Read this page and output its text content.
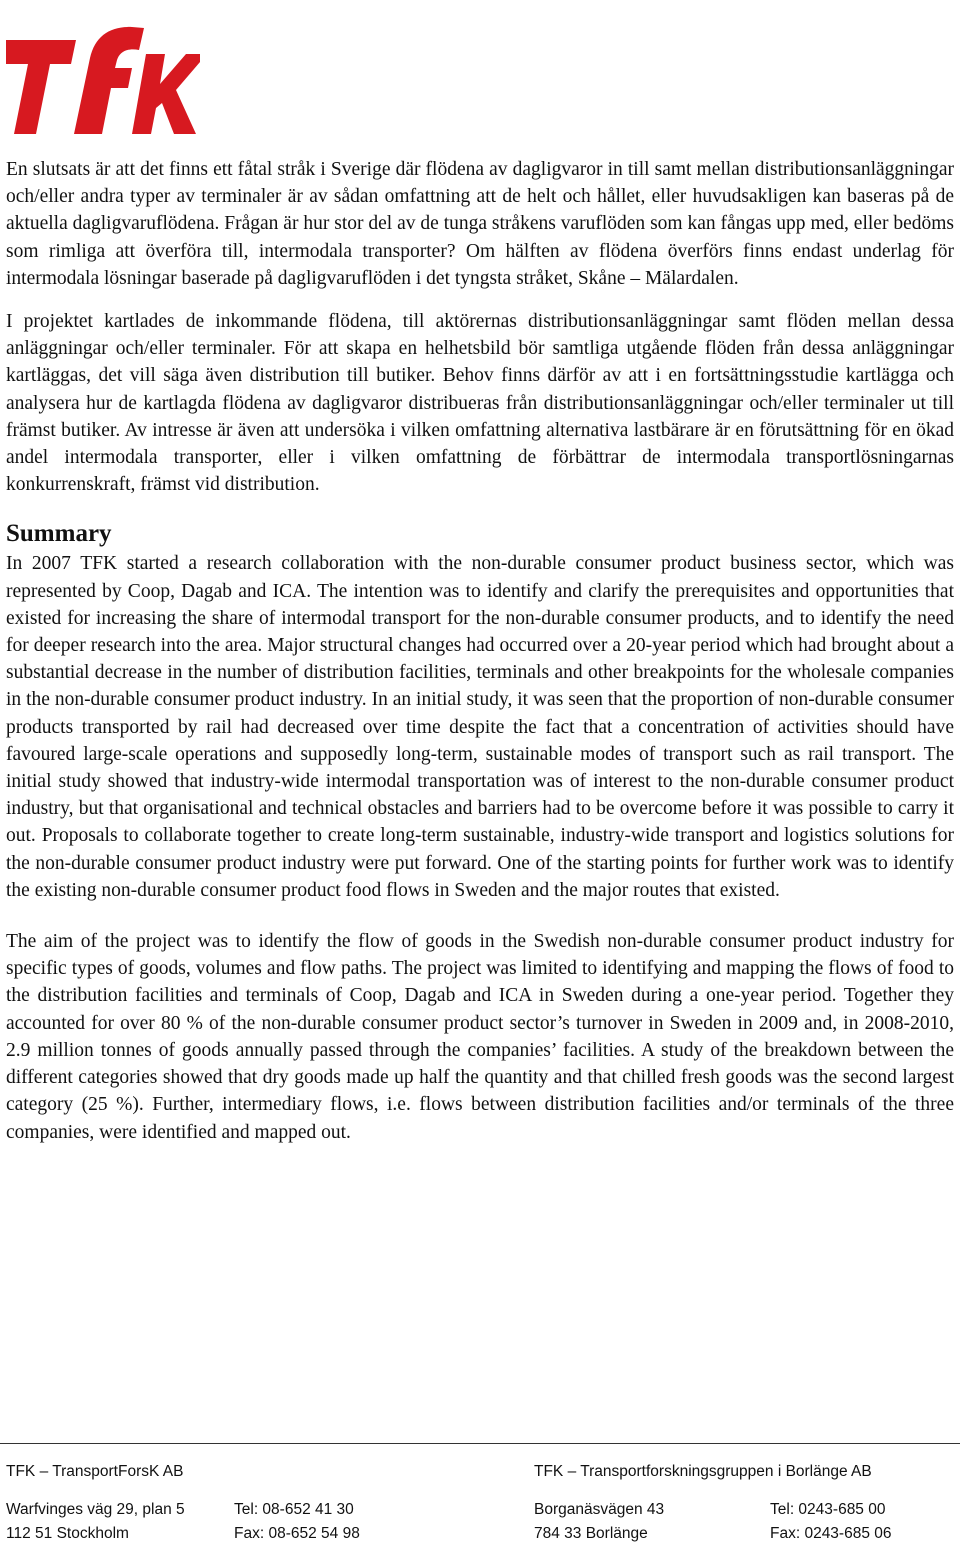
En slutsats är att det finns ett fåtal stråk i Sverige där flödena av dagligvaror in till samt mellan distributionsanläggningar och/eller andra typer av terminaler är av sådan omfattning att de helt och hållet, eller huvudsakligen kan baseras på de aktuella dagligvaruflödena. Frågan är hur stor del av de tunga stråkens varuflöden som kan fångas upp med, eller bedöms som rimliga att överföra till, intermodala transporter? Om hälften av flödena överförs finns endast underlag för intermodala lösningar baserade på dagligvaruflöden i det tyngsta stråket, Skåne – Mälardalen.

I projektet kartlades de inkommande flödena, till aktörernas distributionsanläggningar samt flöden mellan dessa anläggningar och/eller terminaler. För att skapa en helhetsbild bör samtliga utgående flöden från dessa anläggningar kartläggas, det vill säga även distribution till butiker. Behov finns därför av att i en fortsättningsstudie kartlägga och analysera hur de kartlagda flödena av dagligvaror distribueras från distributionsanläggningar och/eller terminaler ut till främst butiker. Av intresse är även att undersöka i vilken omfattning alternativa lastbärare är en förutsättning för en ökad andel intermodala transporter, eller i vilken omfattning de förbättrar de intermodala transportlösningarnas konkurrenskraft, främst vid distribution.

Summary

In 2007 TFK started a research collaboration with the non-durable consumer product business sector, which was represented by Coop, Dagab and ICA. The intention was to identify and clarify the prerequisites and opportunities that existed for increasing the share of intermodal transport for the non-durable consumer products, and to identify the need for deeper research into the area. Major structural changes had occurred over a 20-year period which had brought about a substantial decrease in the number of distribution facilities, terminals and other breakpoints for the wholesale companies in the non-durable consumer product industry. In an initial study, it was seen that the proportion of non-durable consumer products transported by rail had decreased over time despite the fact that a concentration of activities should have favoured large-scale operations and supposedly long-term, sustainable modes of transport such as rail transport. The initial study showed that industry-wide intermodal transportation was of interest to the non-durable consumer product industry, but that organisational and technical obstacles and barriers had to be overcome before it was possible to carry it out. Proposals to collaborate together to create long-term sustainable, industry-wide transport and logistics solutions for the non-durable consumer product industry were put forward. One of the starting points for further work was to identify the existing non-durable consumer product food flows in Sweden and the major routes that existed.

The aim of the project was to identify the flow of goods in the Swedish non-durable consumer product industry for specific types of goods, volumes and flow paths. The project was limited to identifying and mapping the flows of food to the distribution facilities and terminals of Coop, Dagab and ICA in Sweden during a one-year period. Together they accounted for over 80 % of the non-durable consumer product sector’s turnover in Sweden in 2009 and, in 2008-2010, 2.9 million tonnes of goods annually passed through the companies’ facilities. A study of the breakdown between the different categories showed that dry goods made up half the quantity and that chilled fresh goods was the second largest category (25 %). Further, intermediary flows, i.e. flows between distribution facilities and/or terminals of the three companies, were identified and mapped out.

TFK – TransportForsK AB
Warfvinges väg 29, plan 5
112 51 Stockholm
Tel: 08-652 41 30
Fax: 08-652 54 98
TFK – Transportforskningsgruppen i Borlänge AB
Borganäsvägen 43
784 33 Borlänge
Tel: 0243-685 00
Fax: 0243-685 06
